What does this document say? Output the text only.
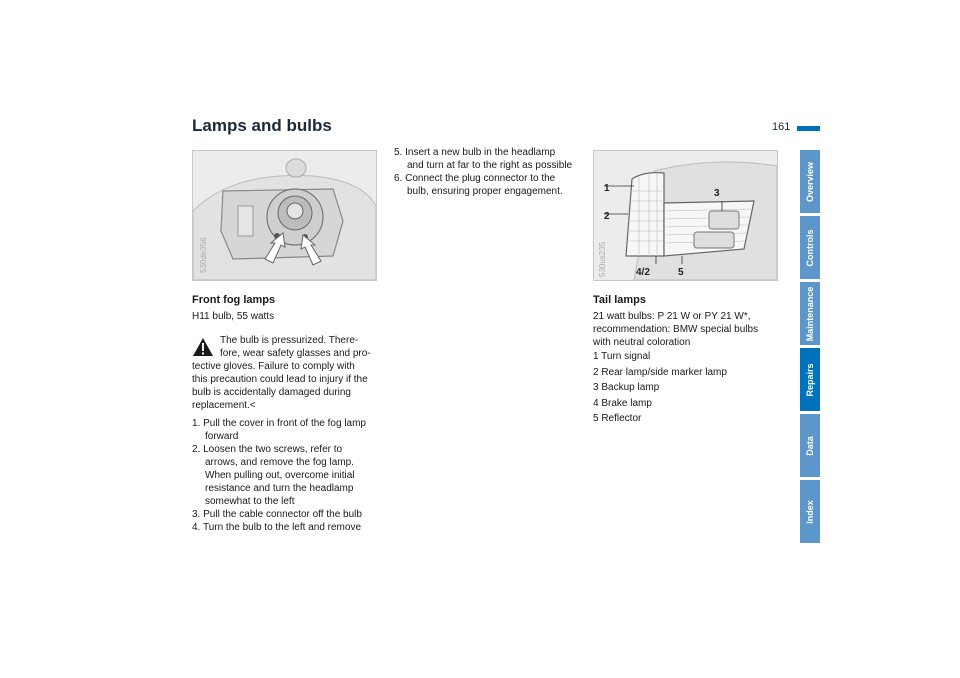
Lamps and bulbs	161
Overview
Controls
Maintenance
Repairs
Data
Index
530de356
1
2
3
4/2	5
530us235
Front fog lamps
H11 bulb, 55 watts
The bulb is pressurized. There-
fore, wear safety glasses and pro-
tective gloves. Failure to comply with
this precaution could lead to injury if the
bulb is accidentally damaged during
replacement.<
1. Pull the cover in front of the fog lamp
forward
2. Loosen the two screws, refer to
arrows, and remove the fog lamp.
When pulling out, overcome initial
resistance and turn the headlamp
somewhat to the left
3. Pull the cable connector off the bulb
4. Turn the bulb to the left and remove
5. Insert a new bulb in the headlamp
and turn at far to the right as possible
6. Connect the plug connector to the
bulb, ensuring proper engagement.
Tail lamps
21 watt bulbs: P 21 W or PY 21 W*,
recommendation: BMW special bulbs
with neutral coloration
1 Turn signal
2 Rear lamp/side marker lamp
3 Backup lamp
4 Brake lamp
5 Reflector
